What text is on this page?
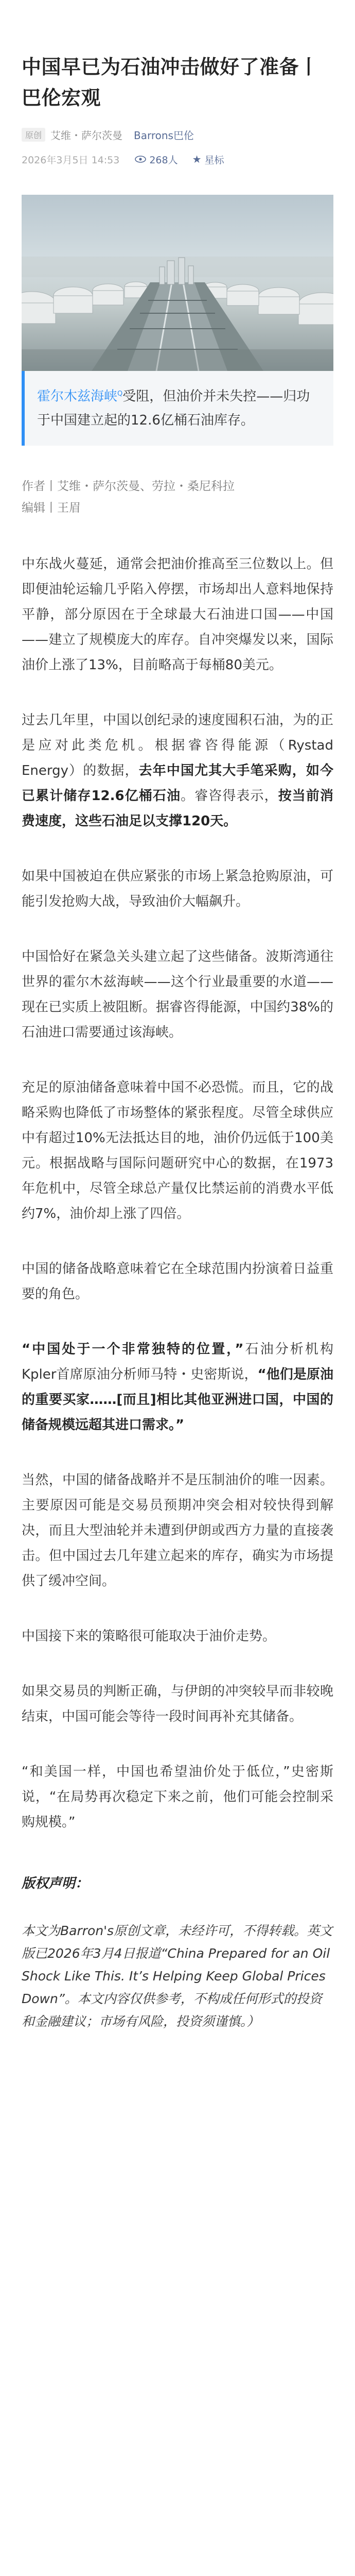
中国早已为石油冲击做好了准备丨巴伦宏观
原创 艾维・萨尔茨曼 Barrons巴伦
2026年3月5日 14:53	268人 ★ 星标
霍尔木兹海峡$^Q$受阻，但油价并未失控——归功于中国建立起的12.6亿桶石油库存。
作者丨艾维・萨尔茨曼、劳拉・桑尼科拉
编辑丨王眉

中东战火蔓延，通常会把油价推高至三位数以上。但即便油轮运输几乎陷入停摆，市场却出人意料地保持平静，部分原因在于全球最大石油进口国——中国——建立了规模庞大的库存。自冲突爆发以来，国际油价上涨了13%，目前略高于每桶80美元。

过去几年里，中国以创纪录的速度囤积石油，为的正是应对此类危机。根据睿咨得能源（Rystad Energy）的数据，去年中国尤其大手笔采购，如今已累计储存12.6亿桶石油。睿咨得表示，按当前消费速度，这些石油足以支撑120天。

如果中国被迫在供应紧张的市场上紧急抢购原油，可能引发抢购大战，导致油价大幅飙升。

中国恰好在紧急关头建立起了这些储备。波斯湾通往世界的霍尔木兹海峡——这个行业最重要的水道——现在已实质上被阻断。据睿咨得能源，中国约38%的石油进口需要通过该海峡。

充足的原油储备意味着中国不必恐慌。而且，它的战略采购也降低了市场整体的紧张程度。尽管全球供应中有超过10%无法抵达目的地，油价仍远低于100美元。根据战略与国际问题研究中心的数据，在1973年危机中，尽管全球总产量仅比禁运前的消费水平低约7%，油价却上涨了四倍。

中国的储备战略意味着它在全球范围内扮演着日益重要的角色。

“中国处于一个非常独特的位置，”石油分析机构Kpler首席原油分析师马特・史密斯说，“他们是原油的重要买家……[而且]相比其他亚洲进口国，中国的储备规模远超其进口需求。”

当然，中国的储备战略并不是压制油价的唯一因素。主要原因可能是交易员预期冲突会相对较快得到解决，而且大型油轮并未遭到伊朗或西方力量的直接袭击。但中国过去几年建立起来的库存，确实为市场提供了缓冲空间。

中国接下来的策略很可能取决于油价走势。

如果交易员的判断正确，与伊朗的冲突较早而非较晚结束，中国可能会等待一段时间再补充其储备。

“和美国一样，中国也希望油价处于低位，”史密斯说，“在局势再次稳定下来之前，他们可能会控制采购规模。”

版权声明：
本文为Barron's原创文章，未经许可，不得转载。英文版已2026年3月4日报道“China Prepared for an Oil Shock Like This. It’s Helping Keep Global Prices Down”。本文内容仅供参考，不构成任何形式的投资和金融建议；市场有风险，投资须谨慎。）
